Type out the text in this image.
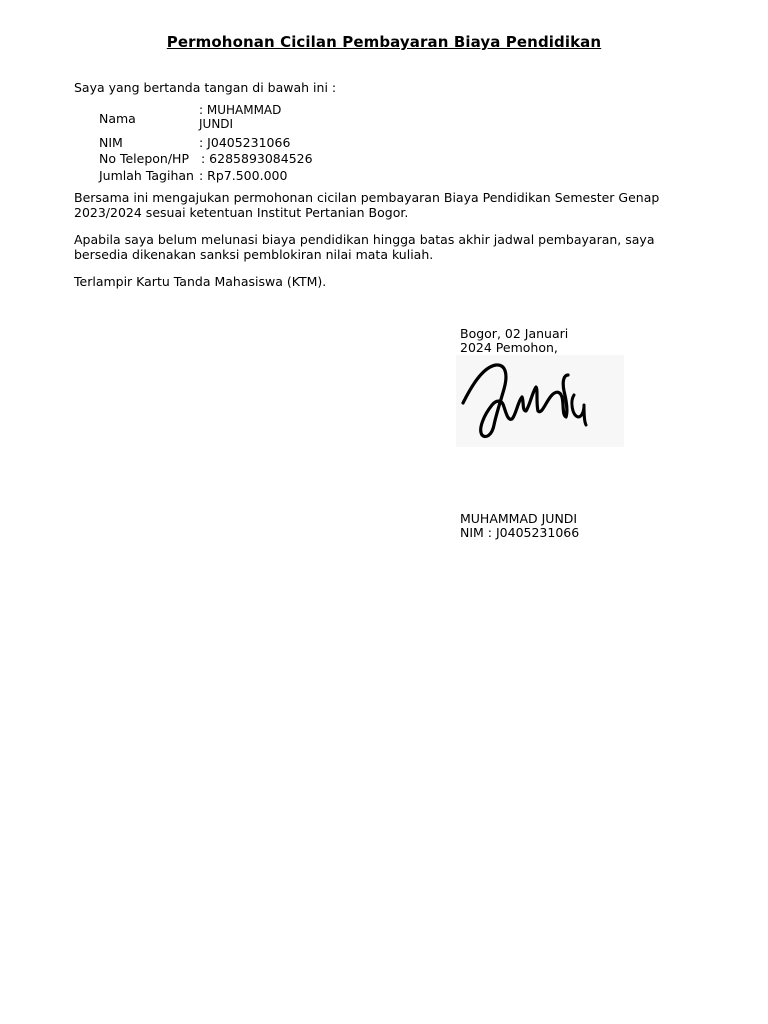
Permohonan Cicilan Pembayaran Biaya Pendidikan
Saya yang bertanda tangan di bawah ini :
Nama
: MUHAMMAD JUNDI
NIM	: J0405231066
No Telepon/HP : 6285893084526
Jumlah Tagihan : Rp7.500.000
Bersama ini mengajukan permohonan cicilan pembayaran Biaya Pendidikan Semester Genap 2023/2024 sesuai ketentuan Institut Pertanian Bogor.
Apabila saya belum melunasi biaya pendidikan hingga batas akhir jadwal pembayaran, saya bersedia dikenakan sanksi pemblokiran nilai mata kuliah.
Terlampir Kartu Tanda Mahasiswa (KTM).
Bogor, 02 Januari 2024 Pemohon,
MUHAMMAD JUNDI
NIM : J0405231066
